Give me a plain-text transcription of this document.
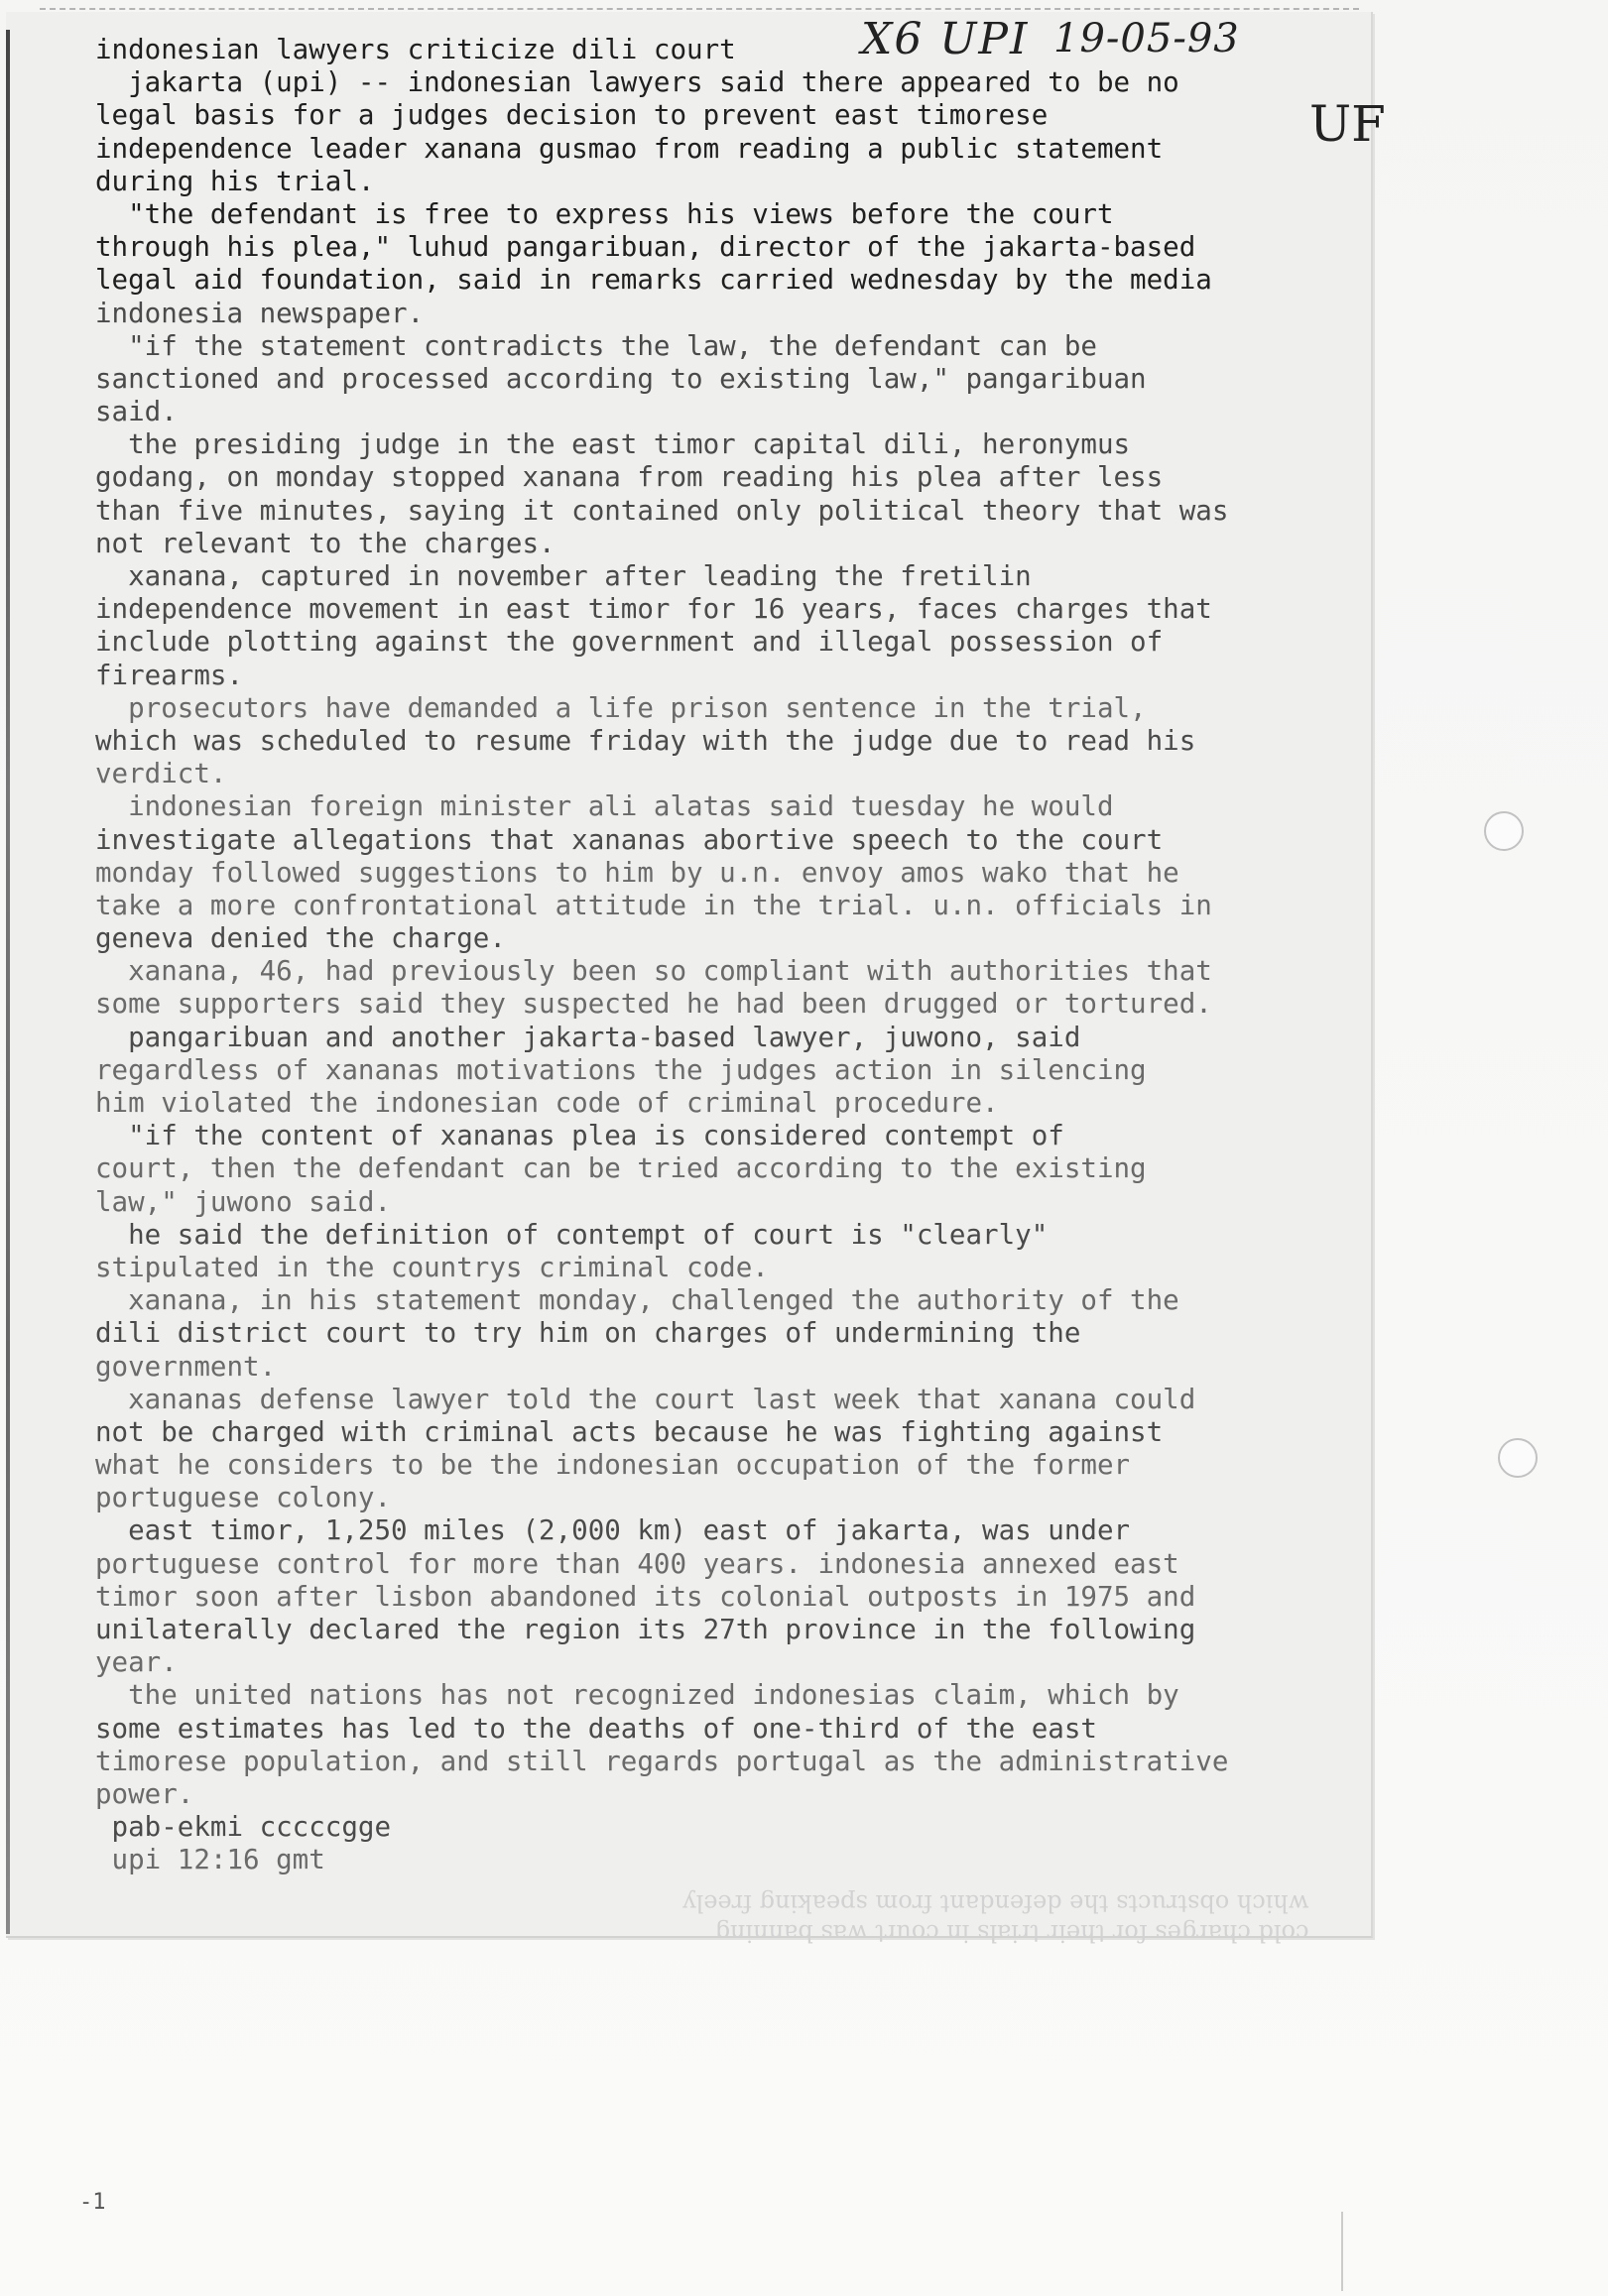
X6 UPI 19-05-93
UF
indonesian lawyers criticize dili court
jakarta (upi) -- indonesian lawyers said there appeared to be no
legal basis for a judges decision to prevent east timorese
independence leader xanana gusmao from reading a public statement
during his trial.
"the defendant is free to express his views before the court
through his plea," luhud pangaribuan, director of the jakarta-based
legal aid foundation, said in remarks carried wednesday by the media
indonesia newspaper.
"if the statement contradicts the law, the defendant can be
sanctioned and processed according to existing law," pangaribuan
said.
the presiding judge in the east timor capital dili, heronymus
godang, on monday stopped xanana from reading his plea after less
than five minutes, saying it contained only political theory that was
not relevant to the charges.
xanana, captured in november after leading the fretilin
independence movement in east timor for 16 years, faces charges that
include plotting against the government and illegal possession of
firearms.
prosecutors have demanded a life prison sentence in the trial,
which was scheduled to resume friday with the judge due to read his
verdict.
indonesian foreign minister ali alatas said tuesday he would
investigate allegations that xananas abortive speech to the court
monday followed suggestions to him by u.n. envoy amos wako that he
take a more confrontational attitude in the trial. u.n. officials in
geneva denied the charge.
xanana, 46, had previously been so compliant with authorities that
some supporters said they suspected he had been drugged or tortured.
pangaribuan and another jakarta-based lawyer, juwono, said
regardless of xananas motivations the judges action in silencing
him violated the indonesian code of criminal procedure.
"if the content of xananas plea is considered contempt of
court, then the defendant can be tried according to the existing
law," juwono said.
he said the definition of contempt of court is "clearly"
stipulated in the countrys criminal code.
xanana, in his statement monday, challenged the authority of the
dili district court to try him on charges of undermining the
government.
xananas defense lawyer told the court last week that xanana could
not be charged with criminal acts because he was fighting against
what he considers to be the indonesian occupation of the former
portuguese colony.
east timor, 1,250 miles (2,000 km) east of jakarta, was under
portuguese control for more than 400 years. indonesia annexed east
timor soon after lisbon abandoned its colonial outposts in 1975 and
unilaterally declared the region its 27th province in the following
year.
the united nations has not recognized indonesias claim, which by
some estimates has led to the deaths of one-third of the east
timorese population, and still regards portugal as the administrative
power.
pab-ekmi cccccgge
upi 12:16 gmt
cold charges for their trials in court was banning
which obstructs the defendant from speaking freely
-1
